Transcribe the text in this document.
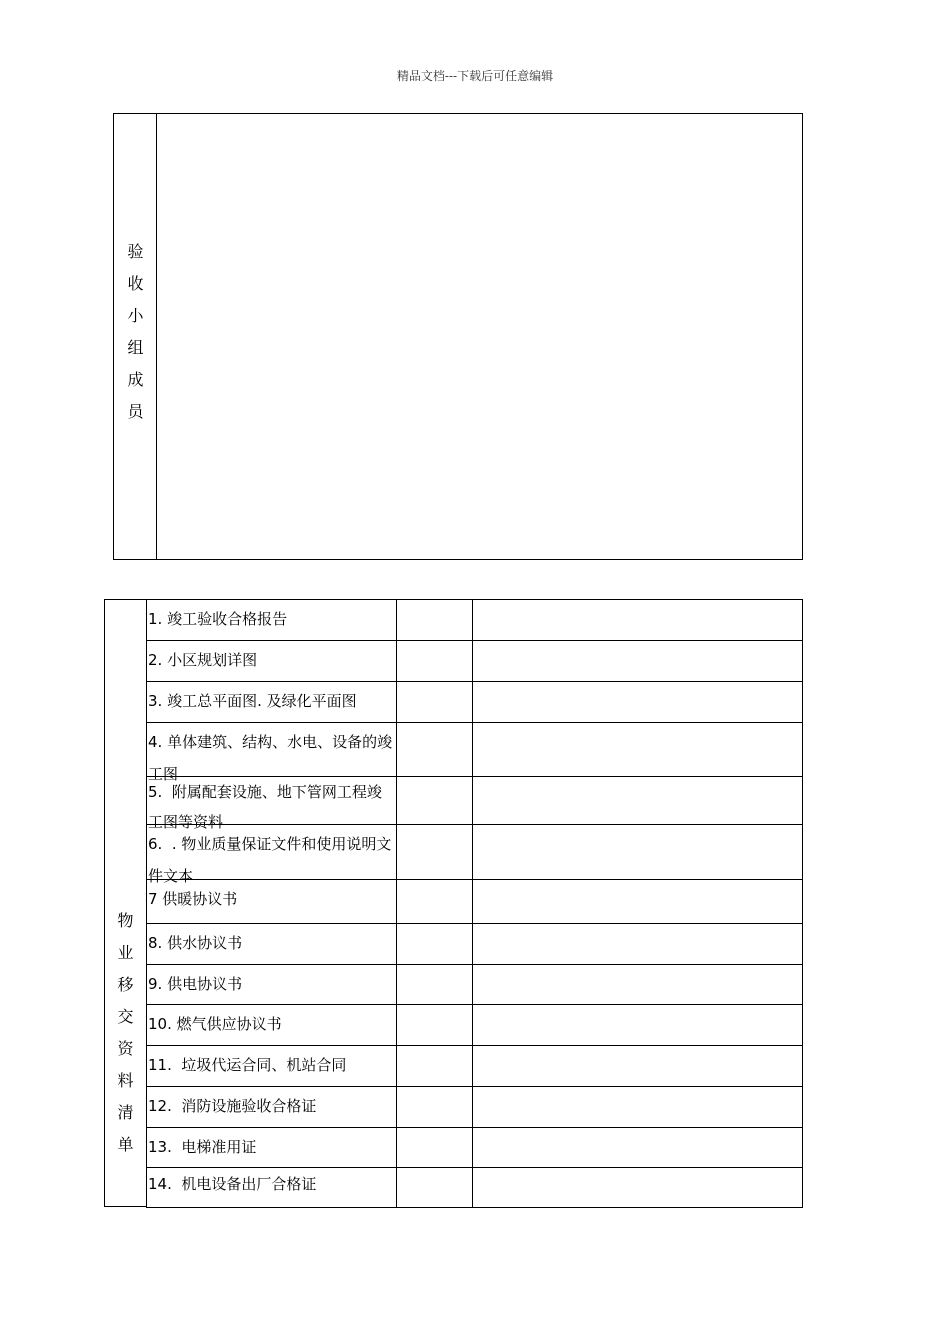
精品文档---下载后可任意编辑
验
收
小
组
成
员
物
业
移
交
资
料
清
单
1. 竣工验收合格报告
2. 小区规划详图
3. 竣工总平面图. 及绿化平面图
4. 单体建筑、结构、水电、设备的竣工图
5.  附属配套设施、地下管网工程竣工图等资料
6.  . 物业质量保证文件和使用说明文件文本
7 供暖协议书
8. 供水协议书
9. 供电协议书
10. 燃气供应协议书
11.  垃圾代运合同、机站合同
12.  消防设施验收合格证
13.  电梯准用证
14.  机电设备出厂合格证
